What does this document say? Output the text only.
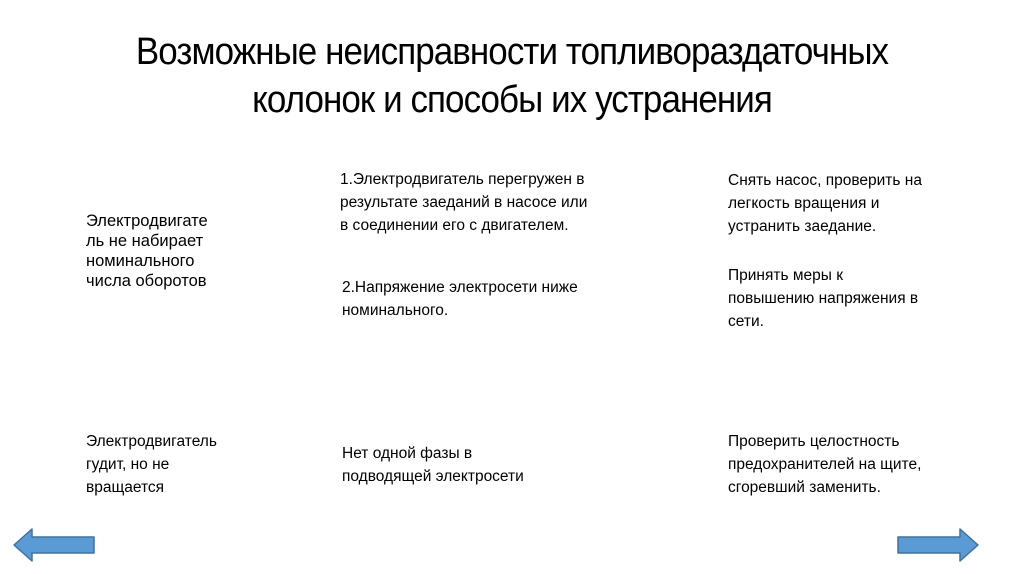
Возможные неисправности топливораздаточных
колонок и способы их устранения
Электродвигате
ль не набирает
номинального
числа оборотов
1.Электродвигатель перегружен в
результате заеданий в насосе или
в соединении его с двигателем.
2.Напряжение электросети ниже
номинального.
Снять насос, проверить на
легкость вращения и
устранить заедание.
Принять меры к
повышению напряжения в
сети.
Электродвигатель
гудит, но не
вращается
Нет одной фазы в
подводящей электросети
Проверить целостность
предохранителей на щите,
сгоревший заменить.
